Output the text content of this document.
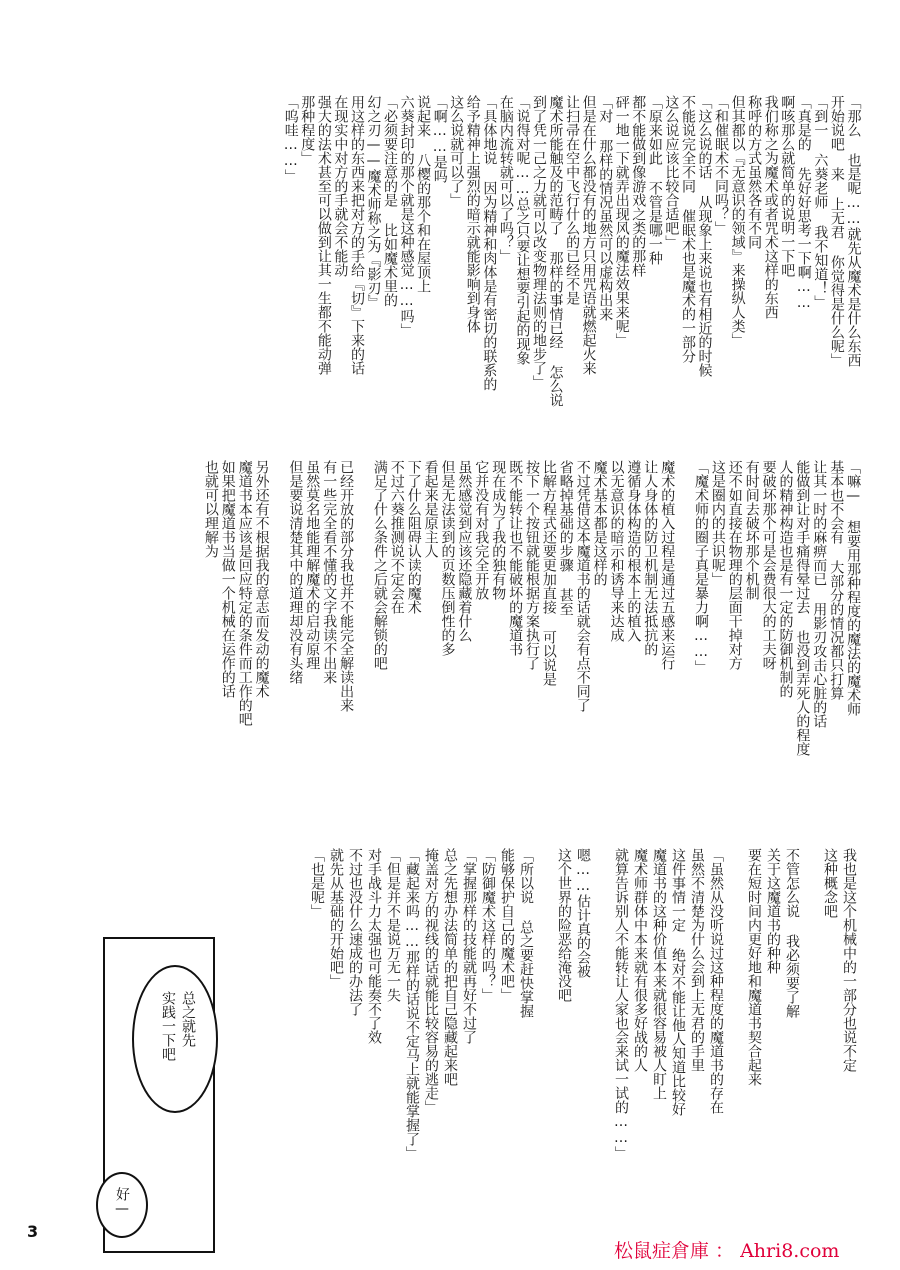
「那么 也是呢……就先从魔术是什么东西
开始说吧 来 上无君 你觉得是什么呢」
「到一 六葵老师 我不知道！」
「真是的 先好好思考一下啊……
啊咳那么就简单的说明一下吧
我们称之为魔术或者咒术这样的东西
称呼的方式虽然各有不同
但其都以『无意识的领域』来操纵人类」
「和催眠术不同吗？」
「这么说的话 从现象上来说也有相近的时候
不能说完全不同 催眠术也是魔术的一部分
这么说应该比较合适吧」
「原来如此 不管是哪一种
都不能做到像游戏之类的那样
砰一地一下就弄出现风的魔法效果来呢」
「对 那样的情况虽然可以虚构出来
但是在什么都没有的地方只用咒语就燃起火来
让扫帚在空中飞行什么的已经不是
魔术所能触及的范畴了 那样的事情已经 怎么说
到了凭一己之力就可以改变物理法则的地步了」
「说得对呢……总之只要让想要引起的现象
在脑内流转就可以了吗？」
「具体地说 因为精神和肉体是有密切的联系的
给予精神上强烈的暗示就能影响到身体
这么说就可以了」
「啊……是吗
说起来 八樱的那个和在屋顶上
六葵封印的那个就是这种感觉……吗」
「必须要注意的是 比如魔术里的
幻之刃——魔术师称之为『影刃』
用这样的东西来把对方的手给『切』下来的话
在现实中对方的手就会不能动
强大的法术甚至可以做到让其一生都不能动弹
那种程度」
「呜哇……」
「嘛— 想要用那种程度的魔法的魔术师
基本也不会有 大部分的情况都只打算
让其一时的麻痹而已 用影刃攻击心脏的话
能做到让对手痛得晕过去 也没到弄死人的程度
人的精神构造也是有一定的防御机制的
要破坏那个可是会费很大的工夫呀
有时间去破坏那个机制
还不如直接在物理的层面干掉对方
这是圈内的共识呢」
「魔术师的圈子真是暴力啊……」
魔术的植入过程是通过五感来运行
让人身体的防卫机制无法抵抗的
遵循身体构造的根本上的植入
以无意识的暗示和诱导来达成
魔术基本都是这样的
不过凭借这本魔道书的话就会有点不同了
省略掉基础的步骤 甚至
比解方程式还要更加直接 可以说是
按下一个按钮就能根据方案执行了
既不能转让也不能破坏的魔道书
现在成为了我的独有物
它并没有对我完全开放
虽然感觉到应该还隐藏着什么
但是无法读到的页数压倒性的多
看起来是原主人
下了什么阻碍认读的魔术
不过六葵推测说不定会在
满足了什么条件之后就会解锁的吧
已经开放的部分我也并不能完全解读出来
有一些完全看不懂的文字我读不出来
虽然莫名地能理解魔术的启动原理
但是要说清楚其中的道理却没有头绪
另外还有不根据我的意志而发动的魔术
魔道书本应该是回应特定的条件而工作的吧
如果把魔道书当做一个机械在运作的话
也就可以理解为
我也是这个机械中的一部分也说不定
这种概念吧
不管怎么说 我必须要了解
关于这魔道书的种种
要在短时间内更好地和魔道书契合起来
「虽然从没听说过这种程度的魔道书的存在
虽然不清楚为什么会到上无君的手里
这件事情一定 绝对不能让他人知道比较好
魔道书的这种价值本来就很容易被人盯上
魔术师群体中本来就有很多好战的人
就算告诉别人不能转让人家也会来试一试的……」
嗯……估计真的会被
这个世界的险恶给淹没吧
「所以说 总之要赶快掌握
能够保护自己的魔术吧」
「防御魔术这样的吗？」
「掌握那样的技能就再好不过了
总之先想办法简单的把自己隐藏起来吧
掩盖对方的视线的话就能比较容易的逃走」
「藏起来吗……那样的话说不定马上就能掌握了」
「但是并不是说万无一失
对手战斗力太强也可能奏不了效
不过也没什么速成的办法了
就先从基础的开始吧」
「也是呢」
总之就先
实践一下吧
好—
3
松鼠症倉庫 ： Ahri8.com
